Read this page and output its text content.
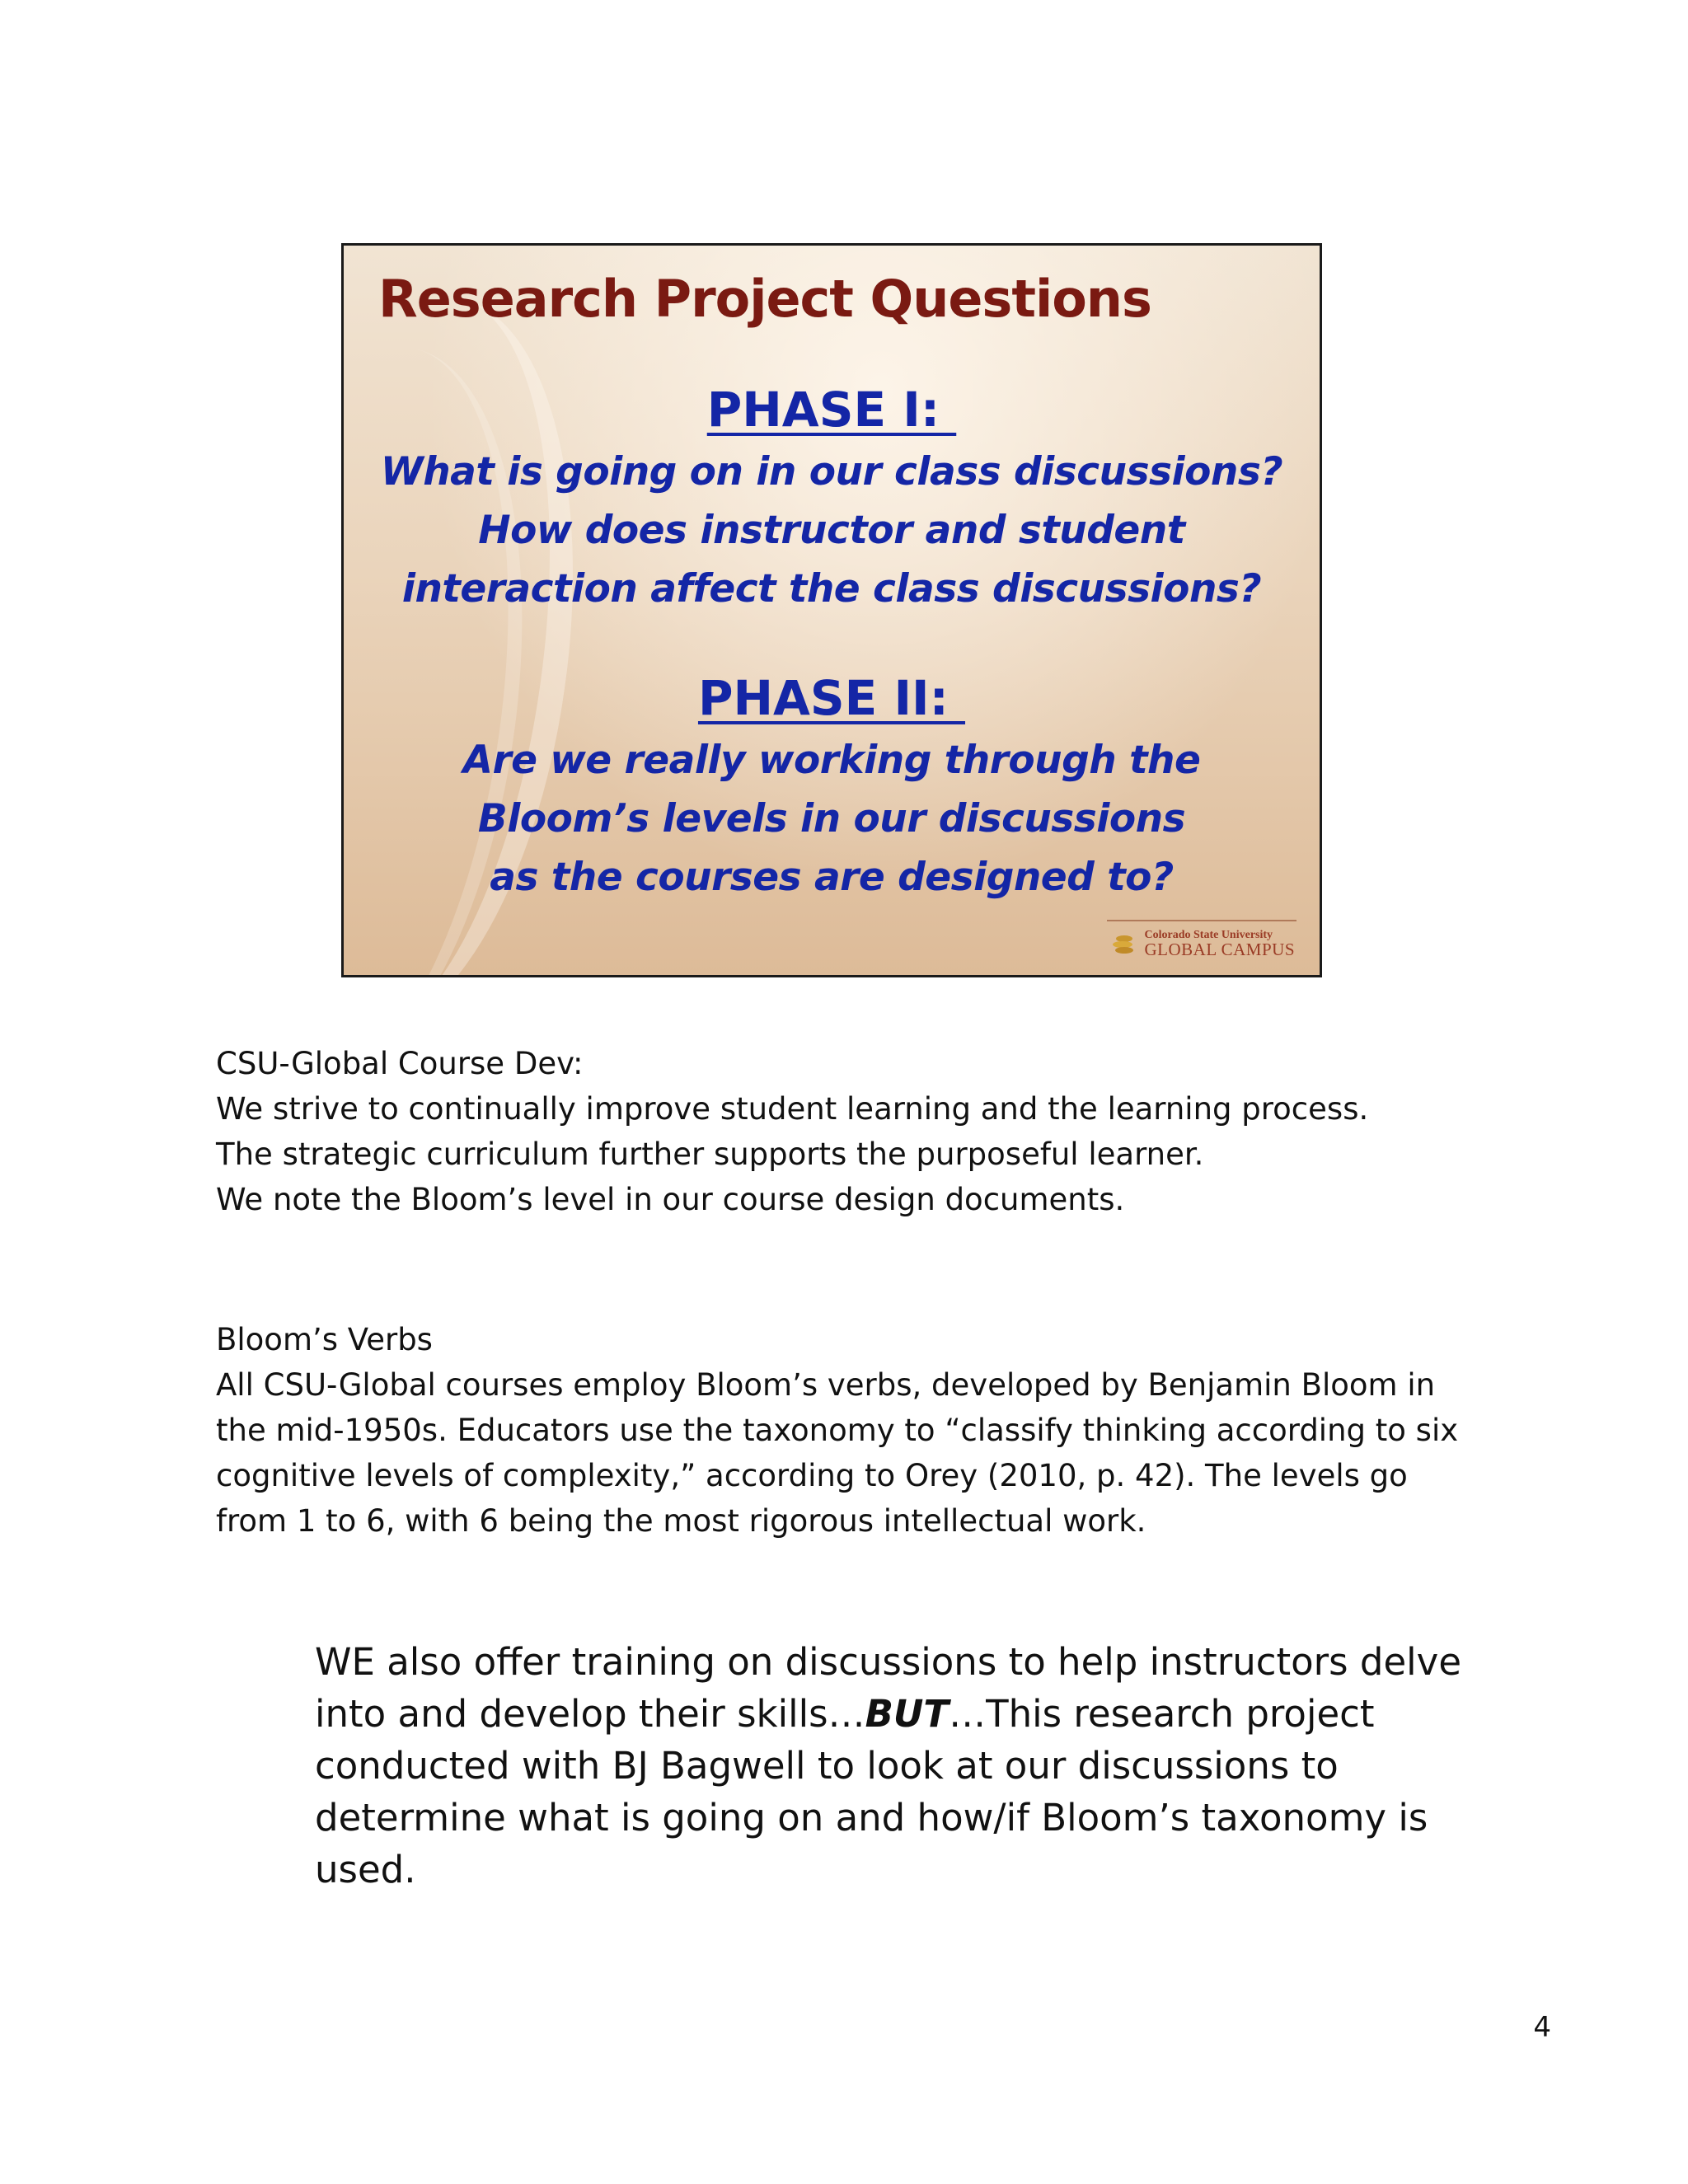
Research Project Questions
PHASE I:
What is going on in our class discussions?
How does instructor and student
interaction affect the class discussions?
PHASE II:
Are we really working through the
Bloom’s levels in our discussions
as the courses are designed to?
Colorado State University
GLOBAL CAMPUS

CSU-Global Course Dev:

We strive to continually improve student learning and the learning process.

The strategic curriculum further supports the purposeful learner.

We note the Bloom’s level in our course design documents.

Bloom’s Verbs

All CSU-Global courses employ Bloom’s verbs, developed by Benjamin Bloom in

the mid-1950s. Educators use the taxonomy to “classify thinking according to six

cognitive levels of complexity,” according to Orey (2010, p. 42). The levels go

from 1 to 6, with 6 being the most rigorous intellectual work.

WE also offer training on discussions to help instructors delve into and develop their skills…BUT…This research project conducted with BJ Bagwell to look at our discussions to determine what is going on and how/if Bloom’s taxonomy is used.
4
